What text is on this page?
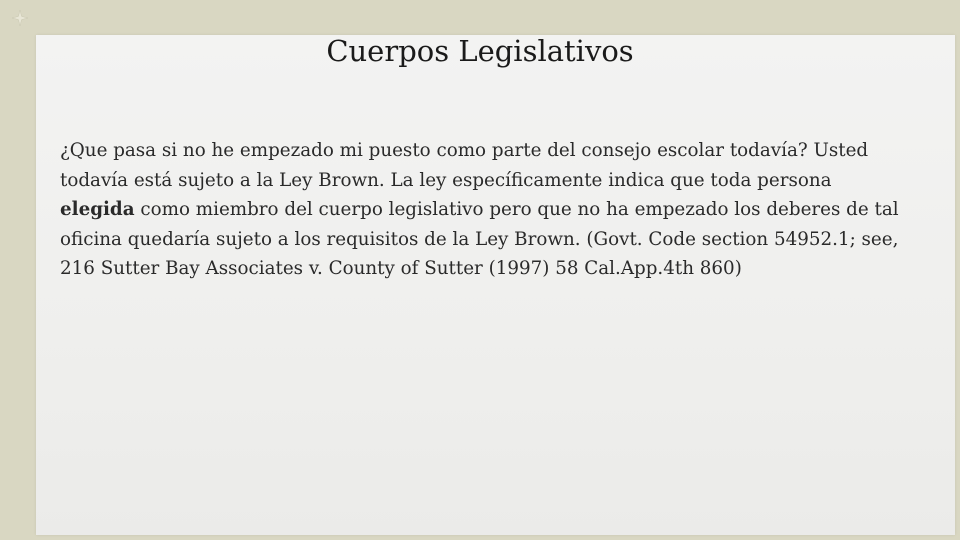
Cuerpos Legislativos

¿Que pasa si no he empezado mi puesto como parte del consejo escolar todavía? Usted todavía está sujeto a la Ley Brown. La ley específicamente indica que toda persona elegida como miembro del cuerpo legislativo pero que no ha empezado los deberes de tal oficina quedaría sujeto a los requisitos de la Ley Brown. (Govt. Code section 54952.1; see, 216 Sutter Bay Associates v. County of Sutter (1997) 58 Cal.App.4th 860)
